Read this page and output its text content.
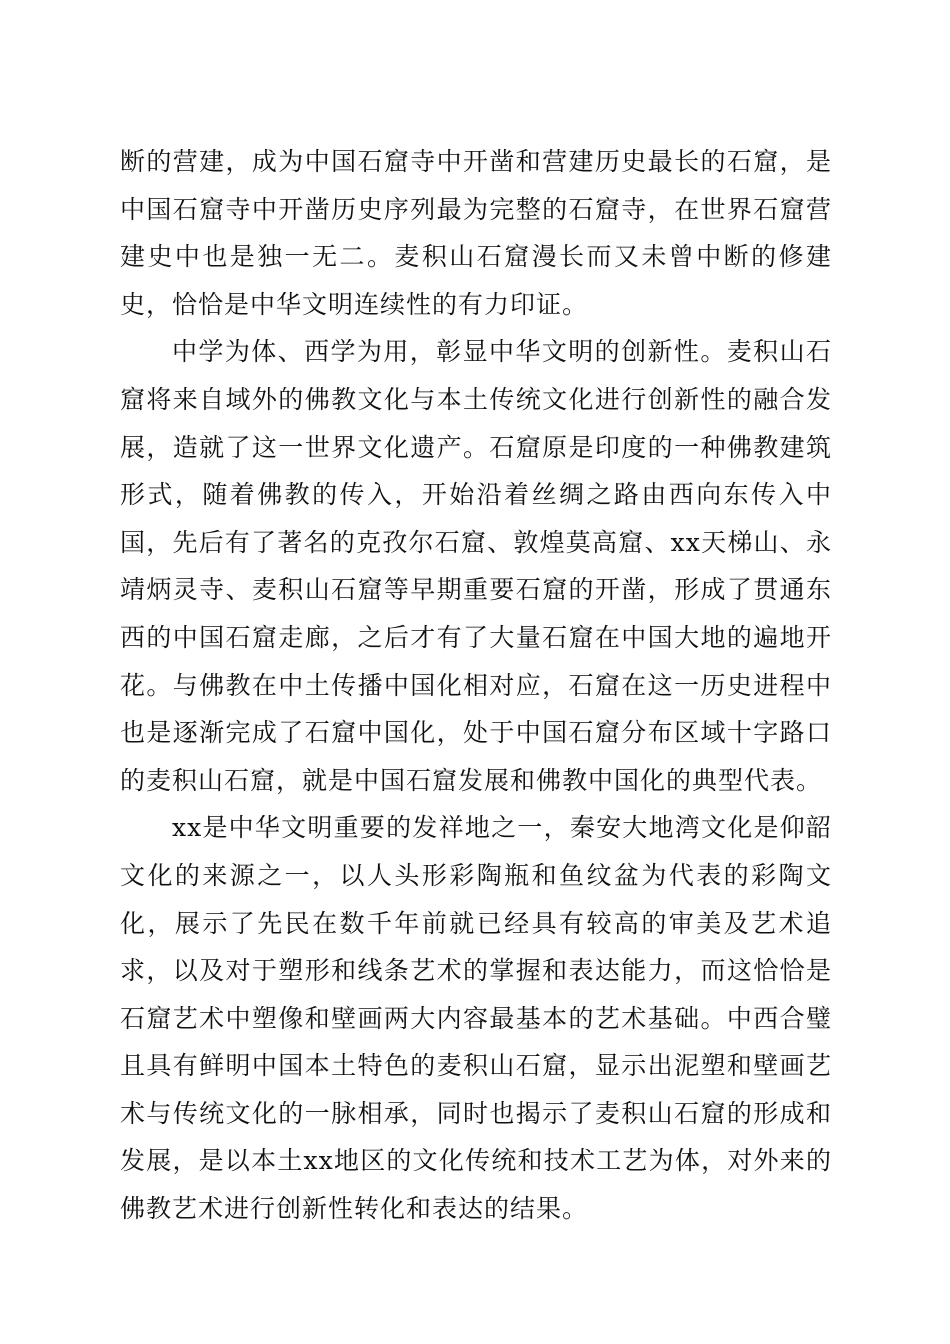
断的营建，成为中国石窟寺中开凿和营建历史最长的石窟，是中国石窟寺中开凿历史序列最为完整的石窟寺，在世界石窟营建史中也是独一无二。麦积山石窟漫长而又未曾中断的修建史，恰恰是中华文明连续性的有力印证。

中学为体、西学为用，彰显中华文明的创新性。麦积山石窟将来自域外的佛教文化与本土传统文化进行创新性的融合发展，造就了这一世界文化遗产。石窟原是印度的一种佛教建筑形式，随着佛教的传入，开始沿着丝绸之路由西向东传入中国，先后有了著名的克孜尔石窟、敦煌莫高窟、xx天梯山、永靖炳灵寺、麦积山石窟等早期重要石窟的开凿，形成了贯通东西的中国石窟走廊，之后才有了大量石窟在中国大地的遍地开花。与佛教在中土传播中国化相对应，石窟在这一历史进程中也是逐渐完成了石窟中国化，处于中国石窟分布区域十字路口的麦积山石窟，就是中国石窟发展和佛教中国化的典型代表。

xx是中华文明重要的发祥地之一，秦安大地湾文化是仰韶文化的来源之一，以人头形彩陶瓶和鱼纹盆为代表的彩陶文化，展示了先民在数千年前就已经具有较高的审美及艺术追求，以及对于塑形和线条艺术的掌握和表达能力，而这恰恰是石窟艺术中塑像和壁画两大内容最基本的艺术基础。中西合璧且具有鲜明中国本土特色的麦积山石窟，显示出泥塑和壁画艺术与传统文化的一脉相承，同时也揭示了麦积山石窟的形成和发展，是以本土xx地区的文化传统和技术工艺为体，对外来的佛教艺术进行创新性转化和表达的结果。
